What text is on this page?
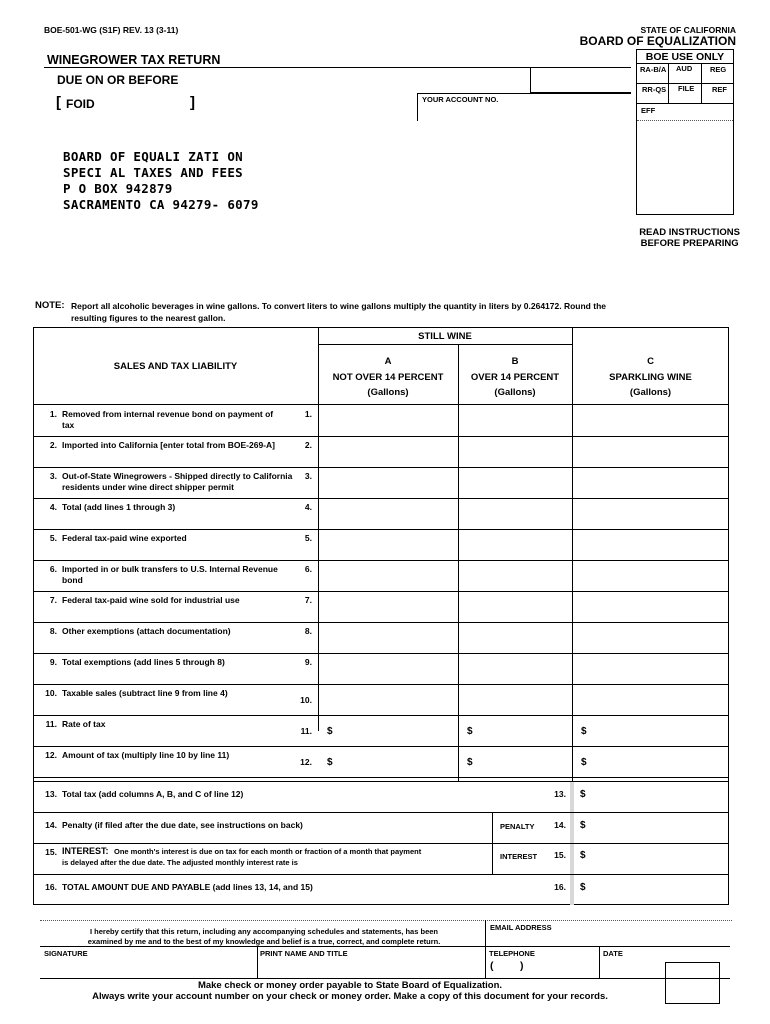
BOE-501-WG (S1F) REV. 13 (3-11)	STATE OF CALIFORNIA
BOARD OF EQUALIZATION
WINEGROWER TAX RETURN
DUE ON OR BEFORE
YOUR ACCOUNT NO.
[ FOID	]
BOE USE ONLY
RA-B/A AUD REG
RR-QS FILE REF
EFF
BOARD OF EQUALI ZATI ON
SPECI AL TAXES AND FEES
P O BOX 942879
SACRAMENTO CA 94279- 6079
READ INSTRUCTIONS
BEFORE PREPARING
NOTE: Report all alcoholic beverages in wine gallons. To convert liters to wine gallons multiply the quantity in liters by 0.264172. Round the
resulting figures to the nearest gallon.
STILL WINE
SALES AND TAX LIABILITY	A
NOT OVER 14 PERCENT
(Gallons)
B
OVER 14 PERCENT
(Gallons)
C
SPARKLING WINE
(Gallons)
1. Removed from internal revenue bond on payment of tax
1.
2. Imported into California [enter total from BOE-269-A]	2.
3. Out-of-State Winegrowers - Shipped directly to California residents under wine direct shipper permit
3.
4. Total (add lines 1 through 3)	4.
5. Federal tax-paid wine exported	5.
6. Imported in or bulk transfers to U.S. Internal Revenue bond
6.
7. Federal tax-paid wine sold for industrial use	7.
8. Other exemptions (attach documentation)	8.
9. Total exemptions (add lines 5 through 8)	9.
10. Taxable sales (subtract line 9 from line 4)
10.
11. Rate of tax
11. $	$	$
12. Amount of tax (multiply line 10 by line 11)
12. $	$	$
13. Total tax (add columns A, B, and C of line 12)	13. $
14. Penalty (if filed after the due date, see instructions on back)	PENALTY	14. $
15. INTEREST: One month's interest is due on tax for each month or fraction of a month that payment
is delayed after the due date. The adjusted monthly interest rate is
INTEREST	15. $
16. TOTAL AMOUNT DUE AND PAYABLE (add lines 13, 14, and 15)	16. $
I hereby certify that this return, including any accompanying schedules and statements, has been
examined by me and to the best of my knowledge and belief is a true, correct, and complete return.
EMAIL ADDRESS
SIGNATURE	PRINT NAME AND TITLE	TELEPHONE
(	)
DATE
Make check or money order payable to State Board of Equalization.
Always write your account number on your check or money order. Make a copy of this document for your records.
